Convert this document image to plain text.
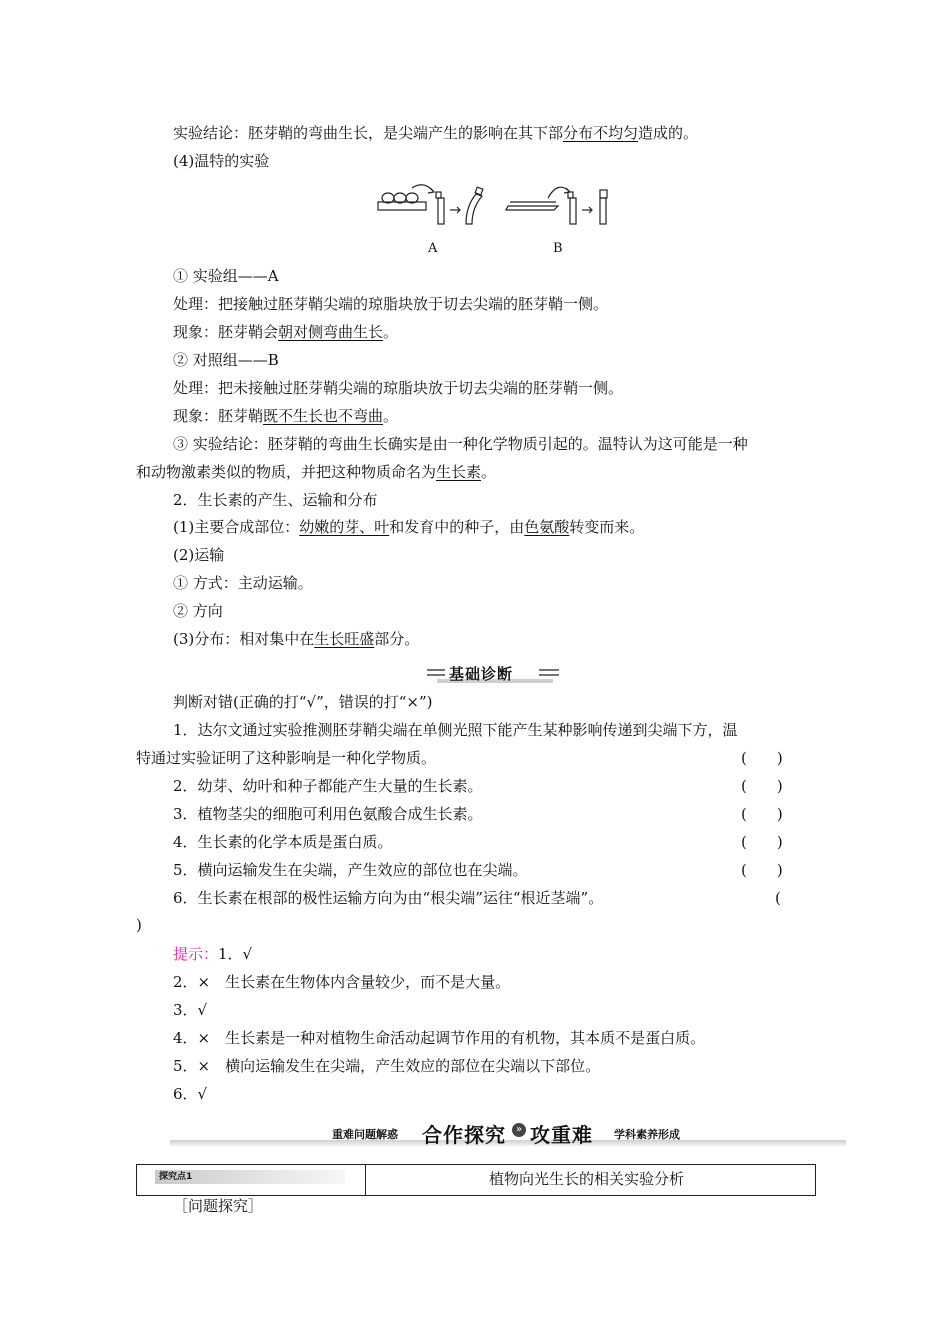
实验结论：胚芽鞘的弯曲生长，是尖端产生的影响在其下部分布不均匀造成的。
(4)温特的实验
A	B
① 实验组——A
处理：把接触过胚芽鞘尖端的琼脂块放于切去尖端的胚芽鞘一侧。
现象：胚芽鞘会朝对侧弯曲生长。
② 对照组——B
处理：把未接触过胚芽鞘尖端的琼脂块放于切去尖端的胚芽鞘一侧。
现象：胚芽鞘既不生长也不弯曲。
③ 实验结论：胚芽鞘的弯曲生长确实是由一种化学物质引起的。温特认为这可能是一种
和动物激素类似的物质，并把这种物质命名为生长素。
2．生长素的产生、运输和分布
(1)主要合成部位：幼嫩的芽、叶和发育中的种子，由色氨酸转变而来。
(2)运输
① 方式：主动运输。
② 方向
(3)分布：相对集中在生长旺盛部分。
基础诊断
判断对错(正确的打“√”，错误的打“×”)
1．达尔文通过实验推测胚芽鞘尖端在单侧光照下能产生某种影响传递到尖端下方，温
特通过实验证明了这种影响是一种化学物质。	(　　)
2．幼芽、幼叶和种子都能产生大量的生长素。	(　　)
3．植物茎尖的细胞可利用色氨酸合成生长素。	(　　)
4．生长素的化学本质是蛋白质。	(　　)
5．横向运输发生在尖端，产生效应的部位也在尖端。	(　　)
6．生长素在根部的极性运输方向为由“根尖端”运往“根近茎端”。	(
)
提示：1．√
2．×　生长素在生物体内含量较少，而不是大量。
3．√
4．×　生长素是一种对植物生命活动起调节作用的有机物，其本质不是蛋白质。
5．×　横向运输发生在尖端，产生效应的部位在尖端以下部位。
6．√
重难问题解惑 合作探究 » 攻重难 学科素养形成
探究点1	植物向光生长的相关实验分析
［问题探究］
